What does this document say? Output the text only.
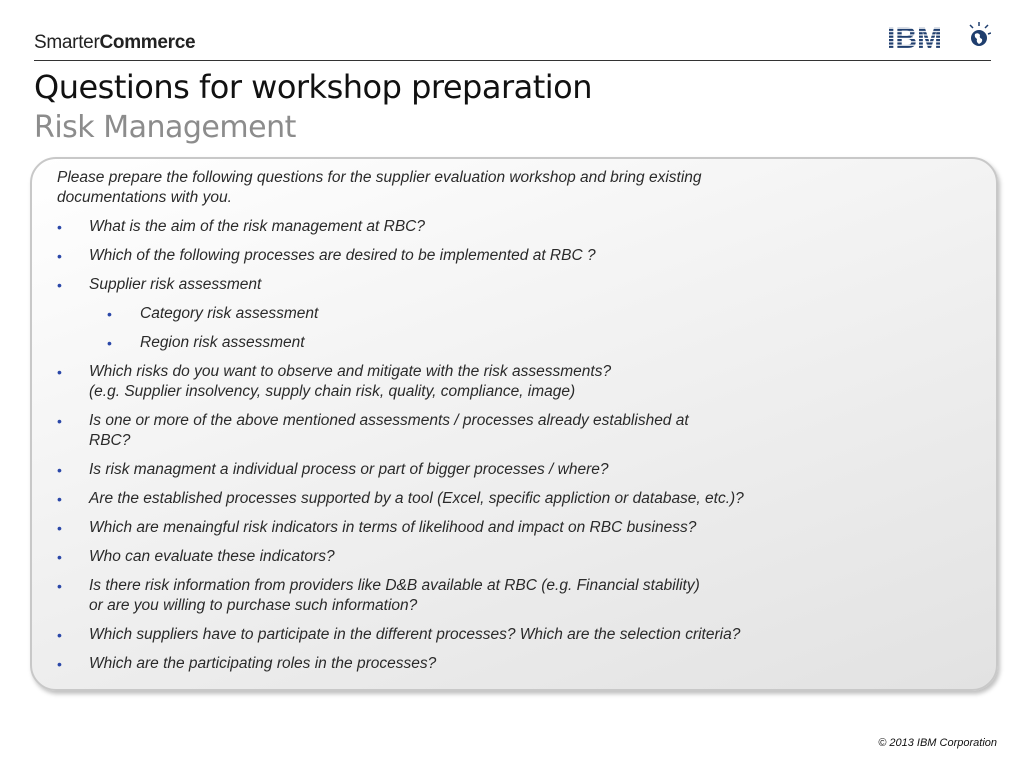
SmarterCommerce	IBM
Questions for workshop preparation
Risk Management

Please prepare the following questions for the supplier evaluation workshop and bring existing
documentations with you.

• What is the aim of the risk management at RBC?
• Which of the following processes are desired to be implemented at RBC ?
• Supplier risk assessment
• Category risk assessment
• Region risk assessment
• Which risks do you want to observe and mitigate with the risk assessments?
(e.g. Supplier insolvency, supply chain risk, quality, compliance, image)
• Is one or more of the above mentioned assessments / processes already established at
RBC?
• Is risk managment a individual process or part of bigger processes / where?
• Are the established processes supported by a tool (Excel, specific appliction or database, etc.)?
• Which are menaingful risk indicators in terms of likelihood and impact on RBC business?
• Who can evaluate these indicators?
• Is there risk information from providers like D&B available at RBC (e.g. Financial stability)
or are you willing to purchase such information?
• Which suppliers have to participate in the different processes? Which are the selection criteria?
• Which are the participating roles in the processes?
© 2013 IBM Corporation
